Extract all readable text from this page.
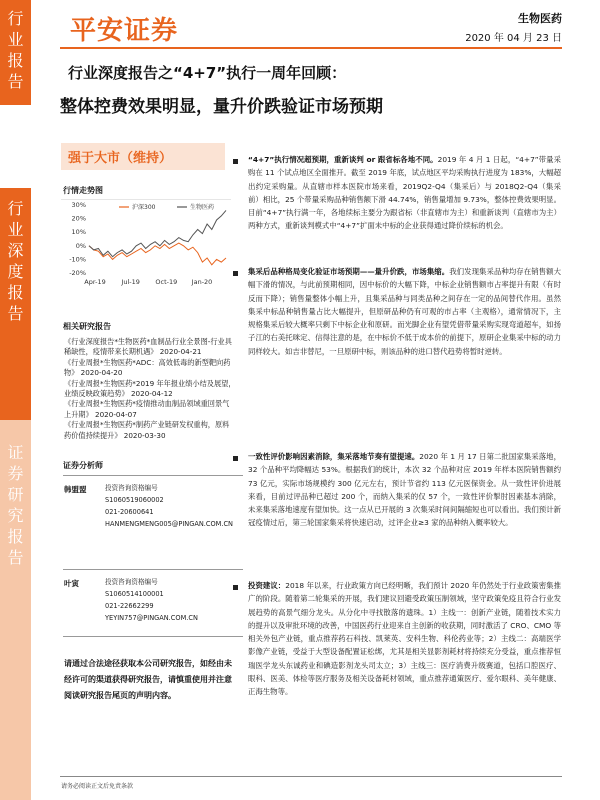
行业报告
行业深度报告
证券研究报告
平安证券	生物医药
2020 年 04 月 23 日
行业深度报告之“4+7”执行一周年回顾：
整体控费效果明显，量升价跌验证市场预期
强于大市（维持）
行情走势图
30%
20%
10%
0%
-10%
-20%
Apr-19 Jul-19 Oct-19 Jan-20
沪深300	生物医药
相关研究报告
《行业深度报告*生物医药*血制品行业全景图-行业具稀缺性，疫情带来长期机遇》 2020-04-21
《行业周报*生物医药*ADC：高效低毒的新型靶向药物》 2020-04-20
《行业周报*生物医药*2019 年年报业绩小结及展望，业绩反映政策趋势》 2020-04-12
《行业周报*生物医药*疫情推动血制品领域重回景气上升期》 2020-04-07
《行业周报*生物医药*制药产业链研发权重构，原料药价值持续提升》 2020-03-30
证券分析师
韩盟盟	投资咨询资格编号
S1060519060002
021-20600641
HANMENGMENG005@PINGAN.COM.CN
叶寅	投资咨询资格编号
S1060514100001
021-22662299
YEYIN757@PINGAN.COM.CN
请通过合法途径获取本公司研究报告，如经由未经许可的渠道获得研究报告，请慎重使用并注意阅读研究报告尾页的声明内容。
“4+7”执行情况超预期，重新谈判 or 跟省标各地不同。2019 年 4 月 1 日起，“4+7”带量采购在 11 个试点地区全面推开。截至 2019 年底，试点地区平均采购执行进度为 183%，大幅超出约定采购量。从直辖市样本医院市场来看，2019Q2-Q4（集采后）与 2018Q2-Q4（集采前）相比，25 个带量采购品种销售额下滑 44.74%，销售量增加 9.73%，整体控费效果明显。目前“4+7”执行满一年，各地续标主要分为跟省标（非直辖市为主）和重新谈判（直辖市为主）两种方式，重新谈判模式中“4+7”扩面未中标的企业获得通过降价续标的机会。
集采后品种格局变化验证市场预期——量升价跌，市场集缩。我们发现集采品种均存在销售额大幅下滑的情况，与此前预期相同，因中标价的大幅下降，中标企业销售额市占率提升有限（有时反而下降）；销售量整体小幅上升，且集采品种与同类品种之间存在一定的品间替代作用。虽然集采中标品种销售量占比大幅提升，但原研品种仍有可观的市占率（主观格），通常情况下，主规格集采后较大概率只剩下中标企业和原研。而光脚企业有望凭借带量采购实现弯道超车，如扬子江的右美托咪定、信得注意的是，在中标价不低于成本价的前提下，原研企业集采中标的动力同样较大。如吉非替尼，一旦原研中标，则该品种的进口替代趋势将暂时逆转。
一致性评价影响因素消除，集采落地节奏有望提速。2020 年 1 月 17 日第二批国家集采落地，32 个品种平均降幅达 53%。根据我们的统计，本次 32 个品种对应 2019 年样本医院销售额约 73 亿元，实际市场规模约 300 亿元左右，预计节省约 113 亿元医保资金。从一致性评价进展来看，目前过评品种已超过 200 个，而纳入集采的仅 57 个，一致性评价掣肘因素基本消除，未来集采落地速度有望加快。这一点从已开展的 3 次集采时间间隔缩短也可以看出。我们预计新冠疫情过后，第三轮国家集采将快速启动，过评企业≥3 家的品种纳入概率较大。
投资建议：2018 年以来，行业政策方向已经明晰，我们预计 2020 年仍然处于行业政策密集推广的阶段。随着第二轮集采的开展，我们建议回避受政策压制领域，坚守政策免疫且符合行业发展趋势的高景气细分龙头。从分化中寻找散落的遗珠。1）主线一：创新产业链，随着技术实力的提升以及审批环境的改善，中国医药行业迎来自主创新的收获期，同时激活了 CRO、CMO 等相关外包产业链，重点推荐药石科技、凯莱英、安科生物、科伦药业等；2）主线二：高端医学影像产业链，受益于大型设备配置证松绑，尤其是相关显影剂耗材将持续充分受益，重点推荐恒瑞医学龙头东诚药业和碘造影剂龙头司太立；3）主线三：医疗消费升级赛道，包括口腔医疗、眼科、医美、体检等医疗服务及相关设备耗材领域，重点推荐通策医疗、爱尔眼科、美年健康、正海生物等。
请务必阅读正文后免责条款
